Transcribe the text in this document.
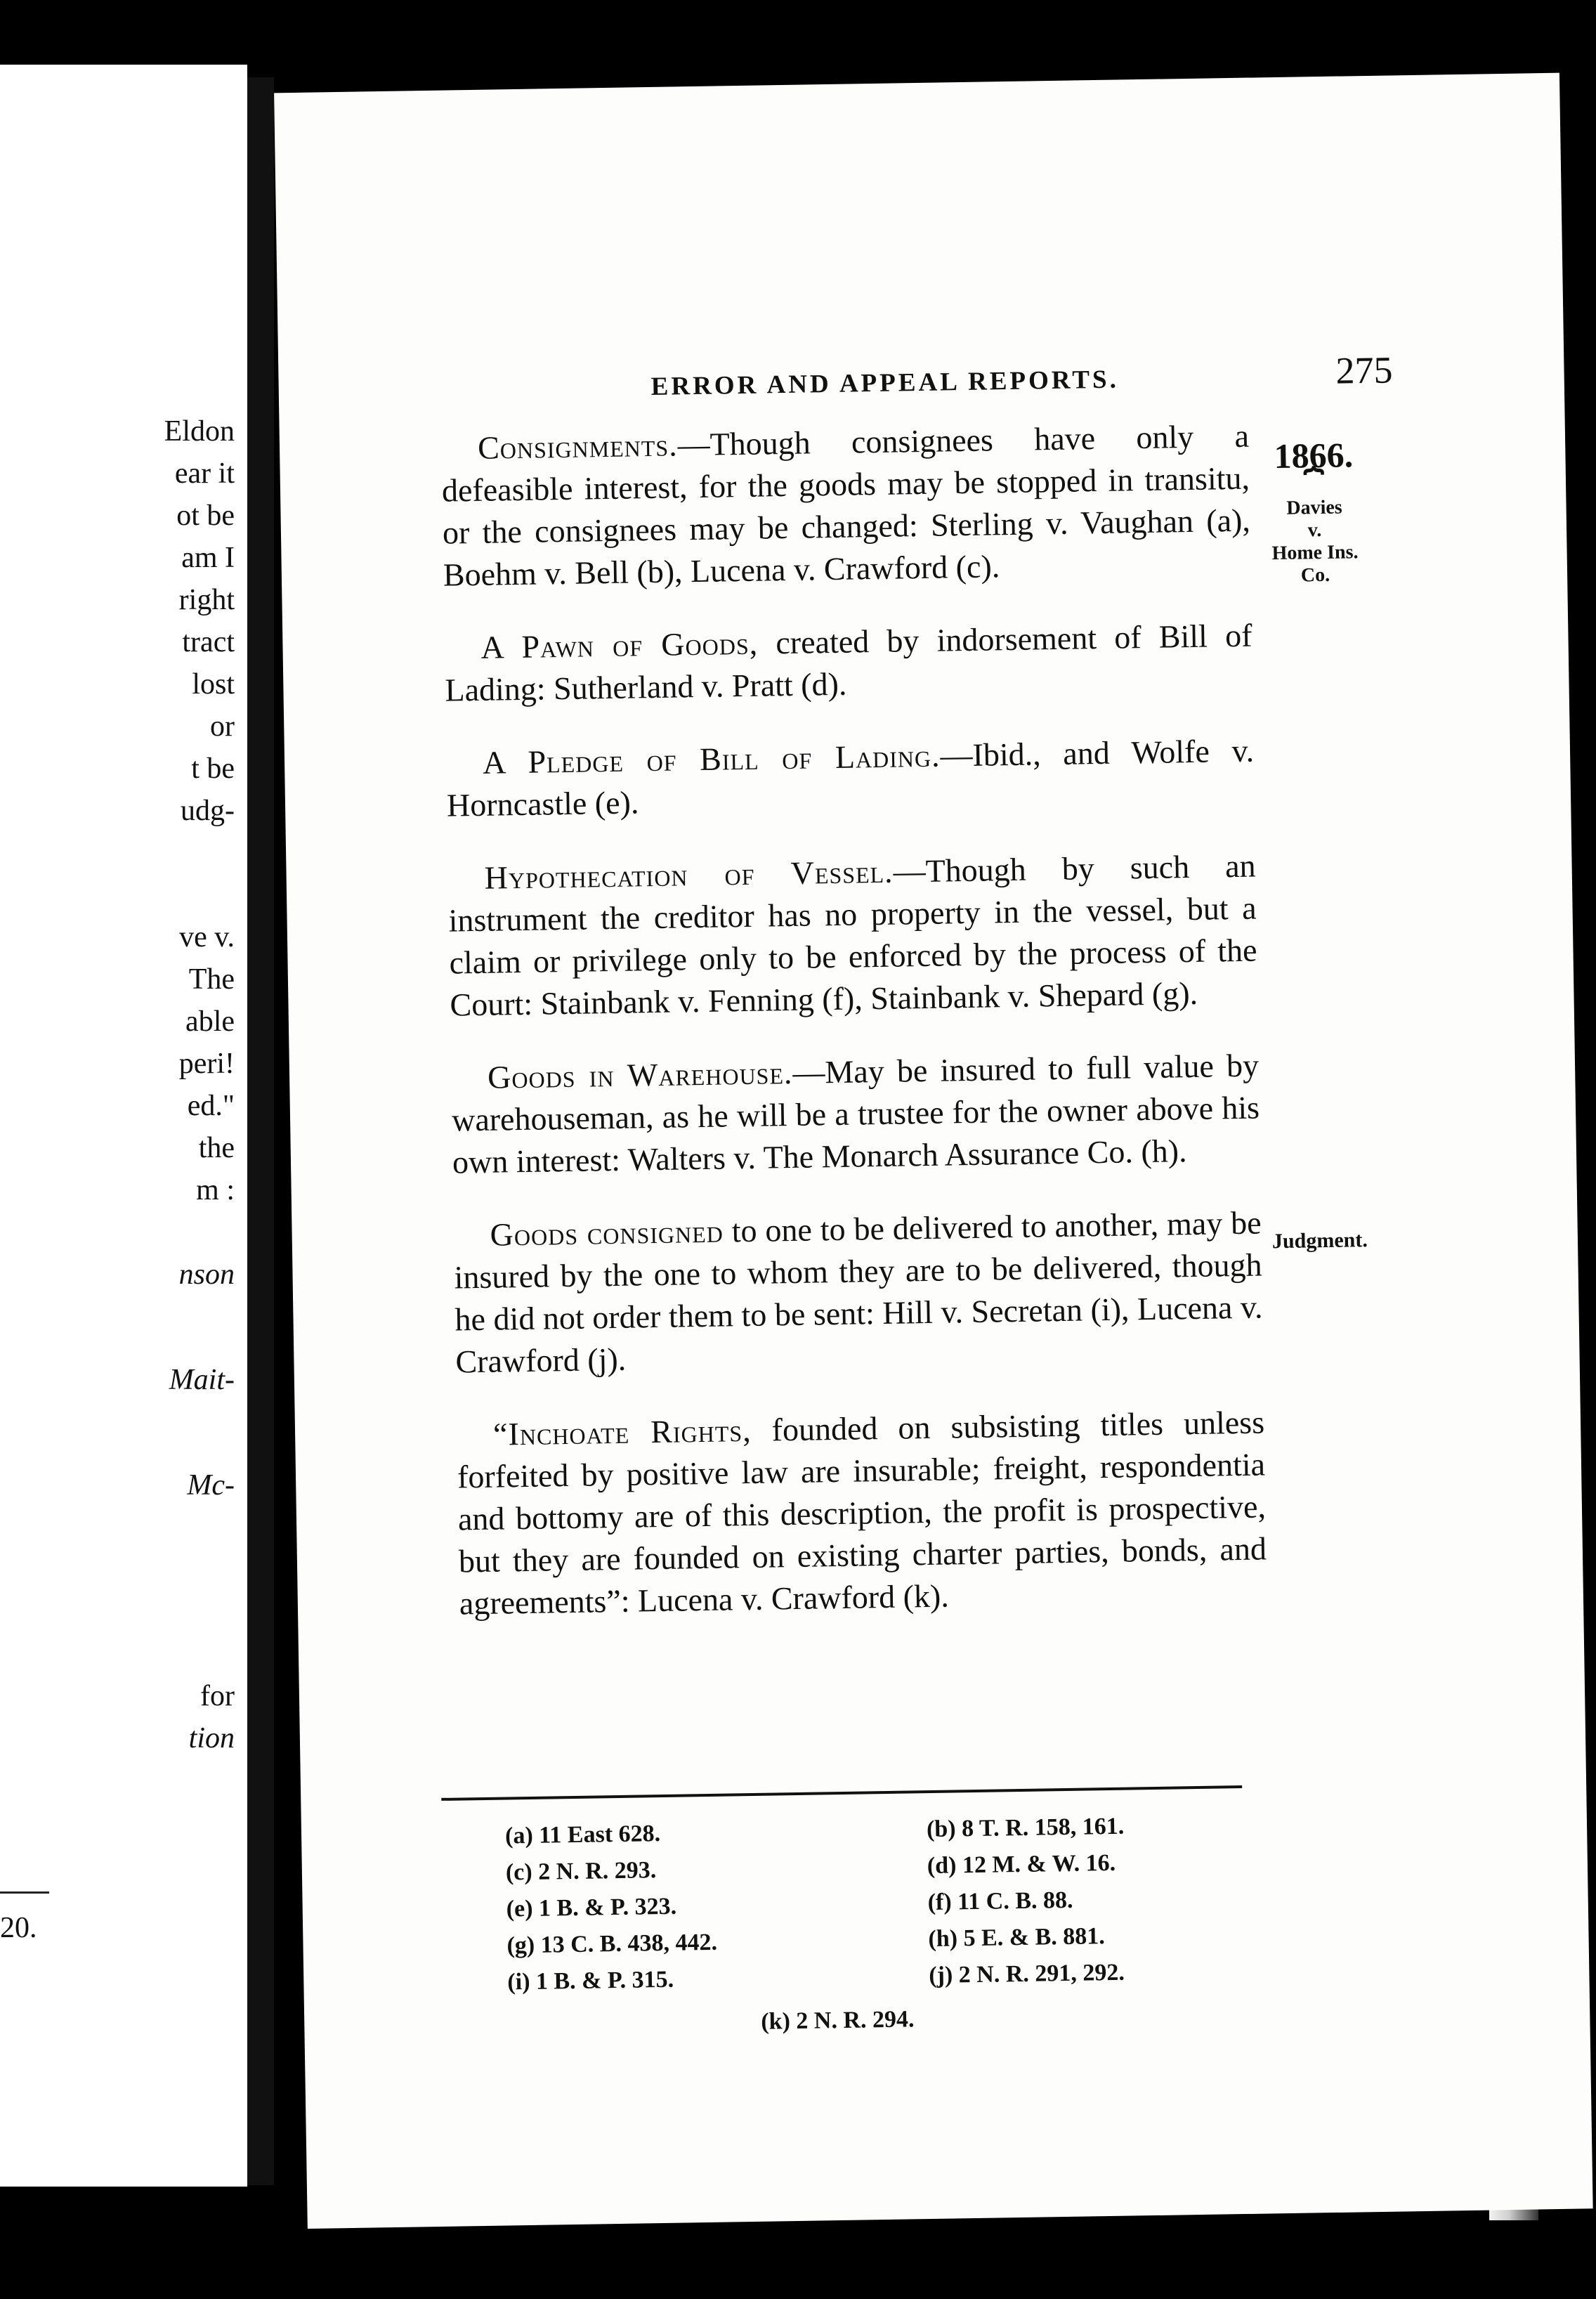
Eldon
ear it
ot be
am I
right
tract
lost
or
t be
udg-
ve v.
The
able
peri!
ed."
the
m :
nson
Mait-
Mc-
for
tion
20.
ERROR AND APPEAL REPORTS.	275
1866.
⏞
Davies
v.
Home Ins.
Co.
Judgment.

Consignments.—Though consignees have only a defeasible interest, for the goods may be stopped in transitu, or the consignees may be changed: Sterling v. Vaughan (a), Boehm v. Bell (b), Lucena v. Crawford (c).

A Pawn of Goods, created by indorsement of Bill of Lading: Sutherland v. Pratt (d).

A Pledge of Bill of Lading.—Ibid., and Wolfe v. Horncastle (e).

Hypothecation of Vessel.—Though by such an instrument the creditor has no property in the vessel, but a claim or privilege only to be enforced by the process of the Court: Stainbank v. Fenning (f), Stainbank v. Shepard (g).

Goods in Warehouse.—May be insured to full value by warehouseman, as he will be a trustee for the owner above his own interest: Walters v. The Monarch Assurance Co. (h).

Goods consigned to one to be delivered to another, may be insured by the one to whom they are to be delivered, though he did not order them to be sent: Hill v. Secretan (i), Lucena v. Crawford (j).

“Inchoate Rights, founded on subsisting titles unless forfeited by positive law are insurable; freight, respondentia and bottomy are of this description, the profit is prospective, but they are founded on existing charter parties, bonds, and agreements”: Lucena v. Crawford (k).

(a) 11 East 628.
(c) 2 N. R. 293.
(e) 1 B. & P. 323.
(g) 13 C. B. 438, 442.
(i) 1 B. & P. 315.
(b) 8 T. R. 158, 161.
(d) 12 M. & W. 16.
(f) 11 C. B. 88.
(h) 5 E. & B. 881.
(j) 2 N. R. 291, 292.
(k) 2 N. R. 294.
